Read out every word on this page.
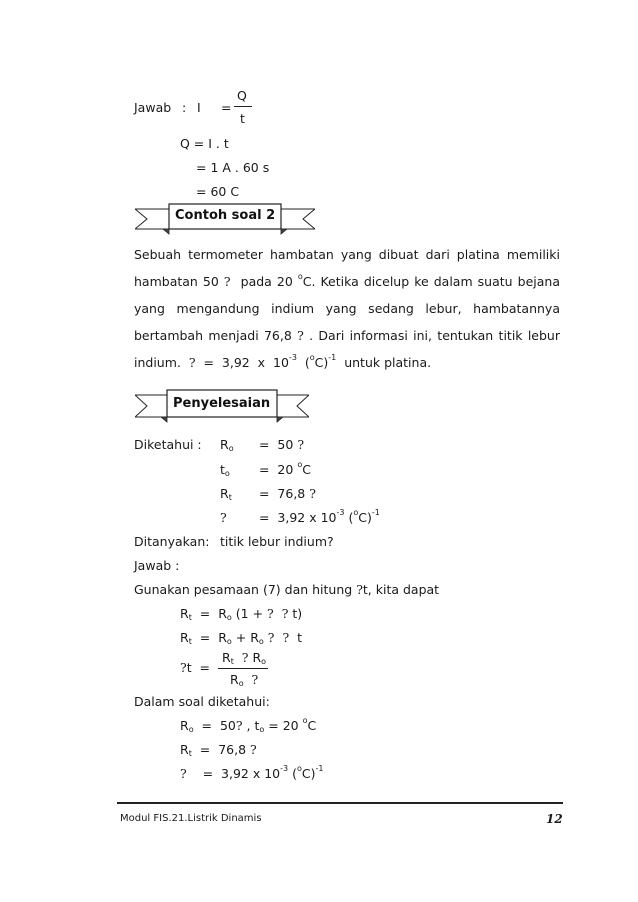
Jawab : I =
Q
t
Q = I . t
= 1 A . 60 s
= 60 C
Contoh soal 2
Sebuah termometer hambatan yang dibuat dari platina memiliki hambatan 50 ?  pada 20 $^o$C. Ketika dicelup ke dalam suatu bejana yang mengandung indium yang sedang lebur, hambatannya bertambah menjadi 76,8 ? . Dari informasi ini, tentukan titik lebur indium.  ?  =  3,92  x  $10^{-3}$  $(^oC)^{-1}$  untuk platina.
Penyelesaian
Diketahui : $R_o = 50$ ?
$t_o = 20$ $^o$C
$R_t = 76,8$ ?
?	=  3,92 x $10^{-3}$ $(^oC)^{-1}$
Ditanyakan: titik lebur indium?
Jawab :
Gunakan pesamaan (7) dan hitung ?t, kita dapat
$R_t = R_o$ (1 + ? ? t)
$R_t = R_o + R_o$ ? ?  t
?t  =
$R_t$ ? $R_o$
$R_o$ ?
Dalam soal diketahui:
$R_o = 50$? , $t_o = 20$ $^o$C
$R_t = 76,8$ ?
?    =  3,92 x $10^{-3}$ $(^oC)^{-1}$
Modul FIS.21.Listrik Dinamis	12
